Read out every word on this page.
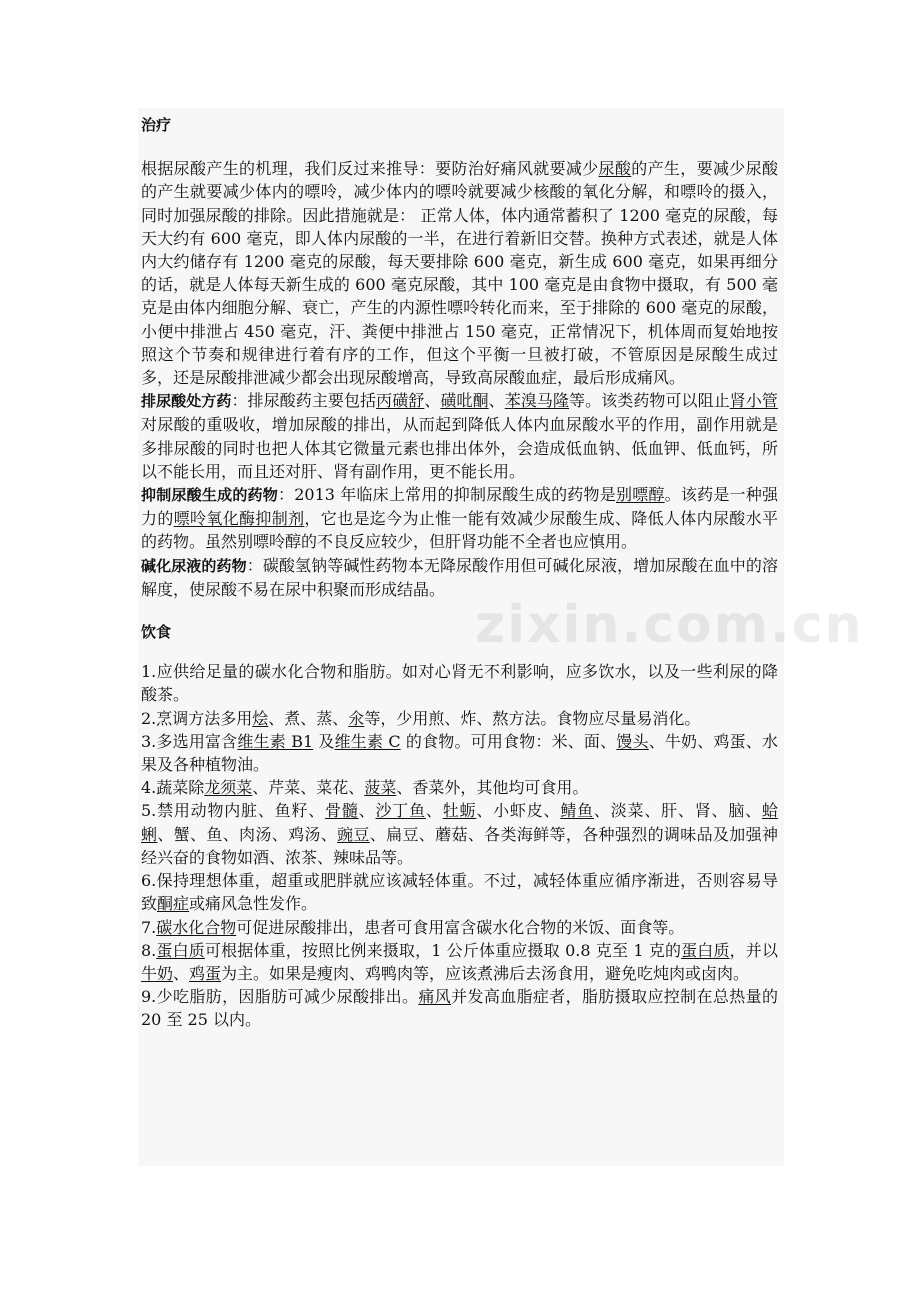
治疗

根据尿酸产生的机理，我们反过来推导：要防治好痛风就要减少尿酸的产生，要减少尿酸的产生就要减少体内的嘌呤，减少体内的嘌呤就要减少核酸的氧化分解，和嘌呤的摄入，同时加强尿酸的排除。因此措施就是： 正常人体，体内通常蓄积了 1200 毫克的尿酸，每天大约有 600 毫克，即人体内尿酸的一半，在进行着新旧交替。换种方式表述，就是人体内大约储存有 1200 毫克的尿酸，每天要排除 600 毫克，新生成 600 毫克，如果再细分的话，就是人体每天新生成的 600 毫克尿酸，其中 100 毫克是由食物中摄取，有 500 毫克是由体内细胞分解、衰亡，产生的内源性嘌呤转化而来，至于排除的 600 毫克的尿酸，小便中排泄占 450 毫克，汗、粪便中排泄占 150 毫克，正常情况下，机体周而复始地按照这个节奏和规律进行着有序的工作，但这个平衡一旦被打破，不管原因是尿酸生成过多，还是尿酸排泄减少都会出现尿酸增高，导致高尿酸血症，最后形成痛风。

排尿酸处方药：排尿酸药主要包括丙磺舒、磺吡酮、苯溴马隆等。该类药物可以阻止肾小管对尿酸的重吸收，增加尿酸的排出，从而起到降低人体内血尿酸水平的作用，副作用就是多排尿酸的同时也把人体其它微量元素也排出体外，会造成低血钠、低血钾、低血钙，所以不能长用，而且还对肝、肾有副作用，更不能长用。

抑制尿酸生成的药物：2013 年临床上常用的抑制尿酸生成的药物是别嘌醇。该药是一种强力的嘌呤氧化酶抑制剂，它也是迄今为止惟一能有效减少尿酸生成、降低人体内尿酸水平的药物。虽然别嘌呤醇的不良反应较少，但肝肾功能不全者也应慎用。

碱化尿液的药物：碳酸氢钠等碱性药物本无降尿酸作用但可碱化尿液，增加尿酸在血中的溶解度，使尿酸不易在尿中积聚而形成结晶。

饮食

1.应供给足量的碳水化合物和脂肪。如对心肾无不利影响，应多饮水，以及一些利尿的降酸茶。

2.烹调方法多用烩、煮、蒸、氽等，少用煎、炸、熬方法。食物应尽量易消化。

3.多选用富含维生素 B1 及维生素 C 的食物。可用食物：米、面、馒头、牛奶、鸡蛋、水果及各种植物油。

4.蔬菜除龙须菜、芹菜、菜花、菠菜、香菜外，其他均可食用。

5.禁用动物内脏、鱼籽、骨髓、沙丁鱼、牡蛎、小虾皮、鲭鱼、淡菜、肝、肾、脑、蛤蜊、蟹、鱼、肉汤、鸡汤、豌豆、扁豆、蘑菇、各类海鲜等，各种强烈的调味品及加强神经兴奋的食物如酒、浓茶、辣味品等。

6.保持理想体重，超重或肥胖就应该减轻体重。不过，减轻体重应循序渐进，否则容易导致酮症或痛风急性发作。

7.碳水化合物可促进尿酸排出，患者可食用富含碳水化合物的米饭、面食等。

8.蛋白质可根据体重，按照比例来摄取，1 公斤体重应摄取 0.8 克至 1 克的蛋白质，并以牛奶、鸡蛋为主。如果是瘦肉、鸡鸭肉等，应该煮沸后去汤食用，避免吃炖肉或卤肉。

9.少吃脂肪，因脂肪可减少尿酸排出。痛风并发高血脂症者，脂肪摄取应控制在总热量的 20 至 25 以内。
